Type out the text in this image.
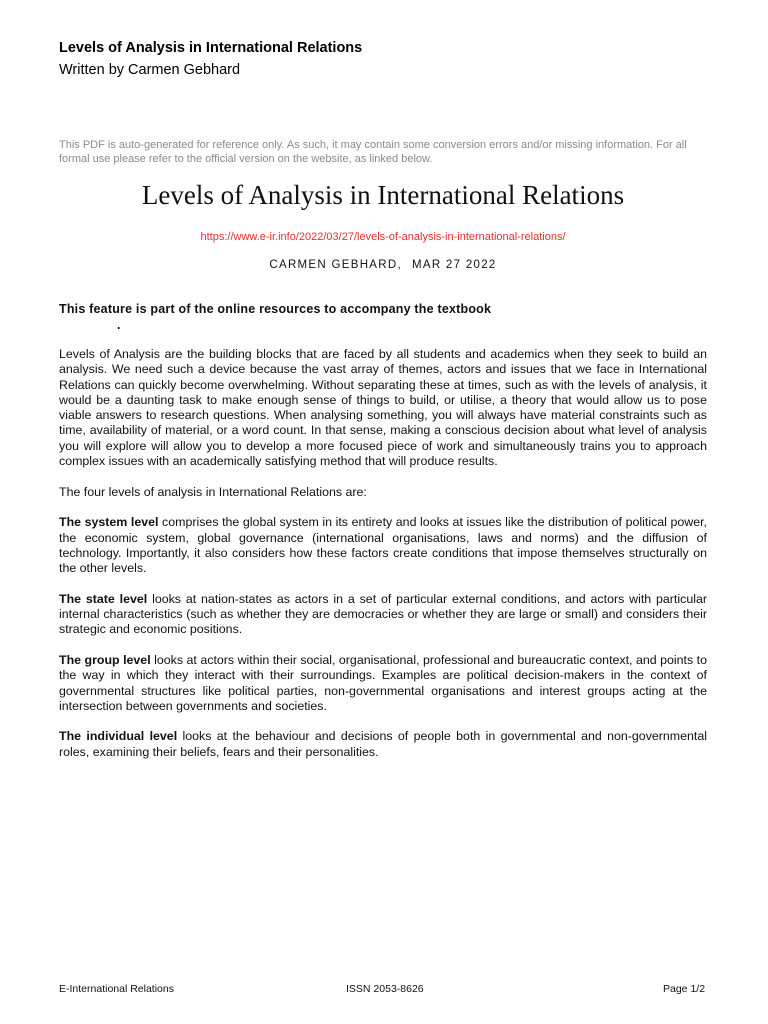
Levels of Analysis in International Relations
Written by Carmen Gebhard
This PDF is auto-generated for reference only. As such, it may contain some conversion errors and/or missing information. For all formal use please refer to the official version on the website, as linked below.
Levels of Analysis in International Relations
https://www.e-ir.info/2022/03/27/levels-of-analysis-in-international-relations/
CARMEN GEBHARD, MAR 27 2022
This feature is part of the online resources to accompany the textbook
.

Levels of Analysis are the building blocks that are faced by all students and academics when they seek to build an analysis. We need such a device because the vast array of themes, actors and issues that we face in International Relations can quickly become overwhelming. Without separating these at times, such as with the levels of analysis, it would be a daunting task to make enough sense of things to build, or utilise, a theory that would allow us to pose viable answers to research questions. When analysing something, you will always have material constraints such as time, availability of material, or a word count. In that sense, making a conscious decision about what level of analysis you will explore will allow you to develop a more focused piece of work and simultaneously trains you to approach complex issues with an academically satisfying method that will produce results.

The four levels of analysis in International Relations are:

The system level comprises the global system in its entirety and looks at issues like the distribution of political power, the economic system, global governance (international organisations, laws and norms) and the diffusion of technology. Importantly, it also considers how these factors create conditions that impose themselves structurally on the other levels.

The state level looks at nation-states as actors in a set of particular external conditions, and actors with particular internal characteristics (such as whether they are democracies or whether they are large or small) and considers their strategic and economic positions.

The group level looks at actors within their social, organisational, professional and bureaucratic context, and points to the way in which they interact with their surroundings. Examples are political decision-makers in the context of governmental structures like political parties, non-governmental organisations and interest groups acting at the intersection between governments and societies.

The individual level looks at the behaviour and decisions of people both in governmental and non-governmental roles, examining their beliefs, fears and their personalities.

E-International Relations	ISSN 2053-8626	Page 1/2
